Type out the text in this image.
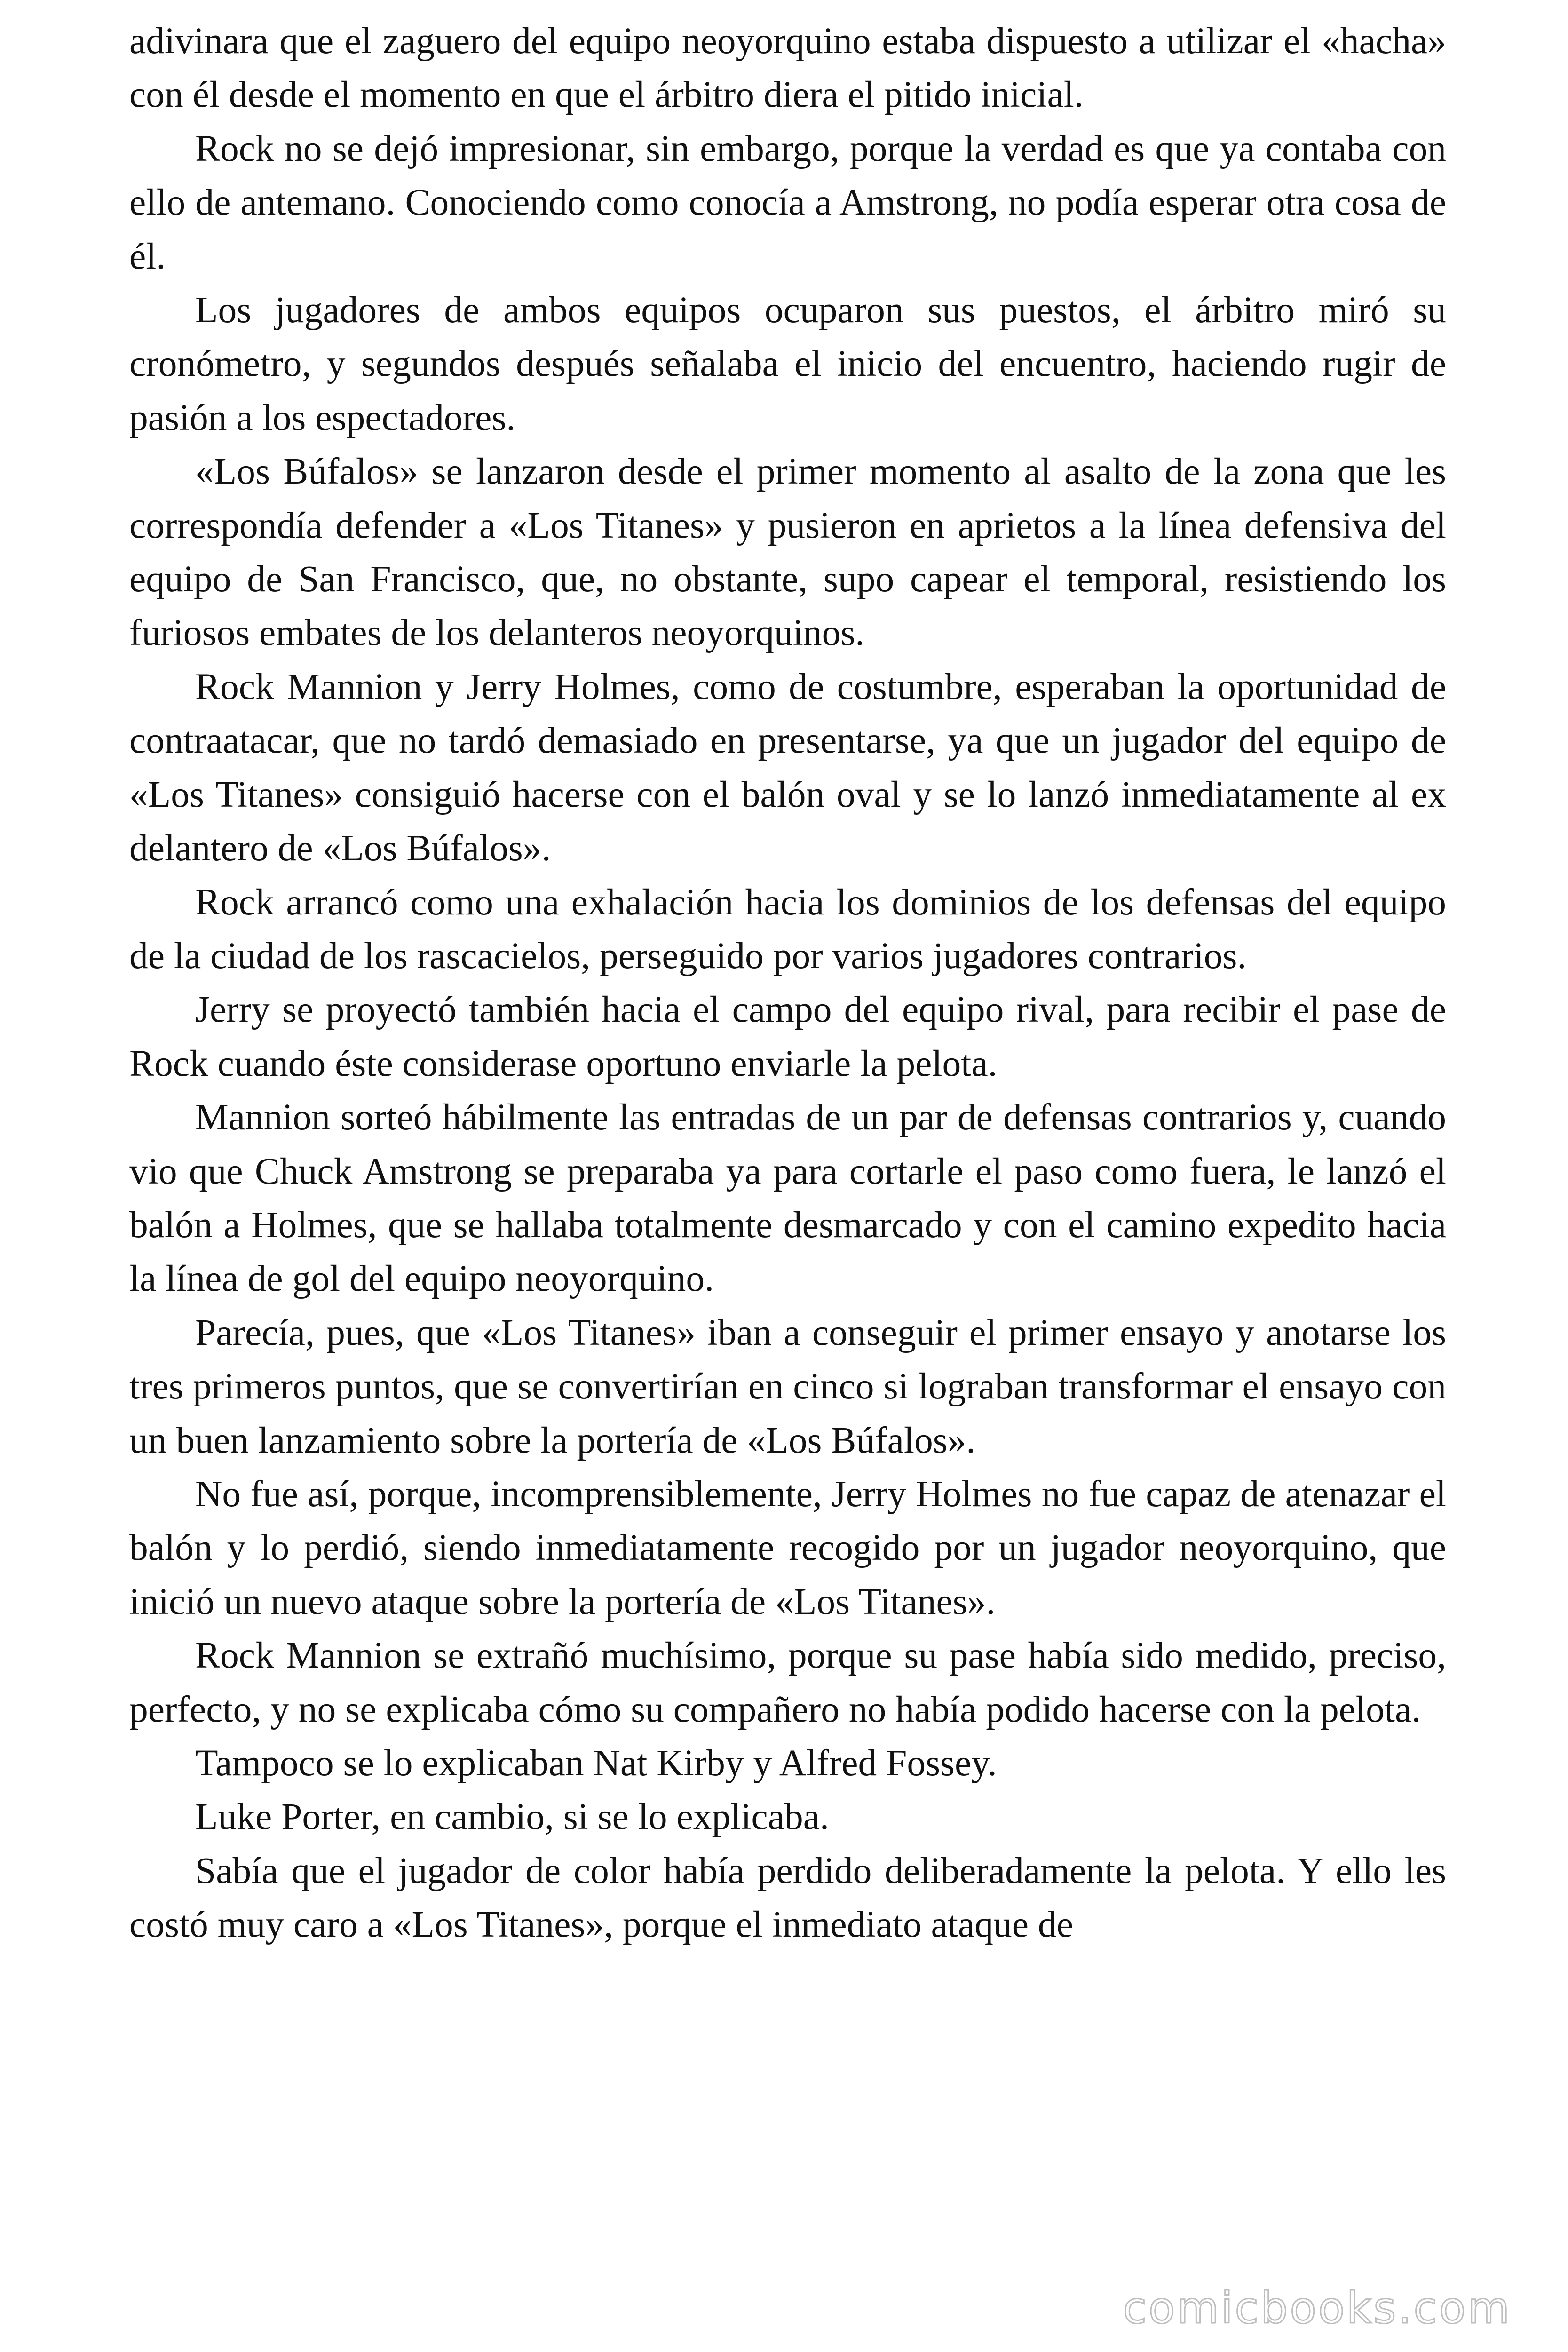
adivinara que el zaguero del equipo neoyorquino estaba dispuesto a utilizar el «hacha» con él desde el momento en que el árbitro diera el pitido inicial.

Rock no se dejó impresionar, sin embargo, porque la verdad es que ya contaba con ello de antemano. Conociendo como conocía a Amstrong, no podía esperar otra cosa de él.

Los jugadores de ambos equipos ocuparon sus puestos, el árbitro miró su cronómetro, y segundos después señalaba el inicio del encuentro, haciendo rugir de pasión a los espectadores.

«Los Búfalos» se lanzaron desde el primer momento al asalto de la zona que les correspondía defender a «Los Titanes» y pusieron en aprietos a la línea defensiva del equipo de San Francisco, que, no obstante, supo capear el temporal, resistiendo los furiosos embates de los delanteros neoyorquinos.

Rock Mannion y Jerry Holmes, como de costumbre, esperaban la oportunidad de contraatacar, que no tardó demasiado en presentarse, ya que un jugador del equipo de «Los Titanes» consiguió hacerse con el balón oval y se lo lanzó inmediatamente al ex delantero de «Los Búfalos».

Rock arrancó como una exhalación hacia los dominios de los defensas del equipo de la ciudad de los rascacielos, perseguido por varios jugadores contrarios.

Jerry se proyectó también hacia el campo del equipo rival, para recibir el pase de Rock cuando éste considerase oportuno enviarle la pelota.

Mannion sorteó hábilmente las entradas de un par de defensas contrarios y, cuando vio que Chuck Amstrong se preparaba ya para cortarle el paso como fuera, le lanzó el balón a Holmes, que se hallaba totalmente desmarcado y con el camino expedito hacia la línea de gol del equipo neoyorquino.

Parecía, pues, que «Los Titanes» iban a conseguir el primer ensayo y anotarse los tres primeros puntos, que se convertirían en cinco si lograban transformar el ensayo con un buen lanzamiento sobre la portería de «Los Búfalos».

No fue así, porque, incomprensiblemente, Jerry Holmes no fue capaz de atenazar el balón y lo perdió, siendo inmediatamente recogido por un jugador neoyorquino, que inició un nuevo ataque sobre la portería de «Los Titanes».

Rock Mannion se extrañó muchísimo, porque su pase había sido medido, preciso, perfecto, y no se explicaba cómo su compañero no había podido hacerse con la pelota.

Tampoco se lo explicaban Nat Kirby y Alfred Fossey.

Luke Porter, en cambio, si se lo explicaba.

Sabía que el jugador de color había perdido deliberadamente la pelota. Y ello les costó muy caro a «Los Titanes», porque el inmediato ataque de

comicbooks.com
